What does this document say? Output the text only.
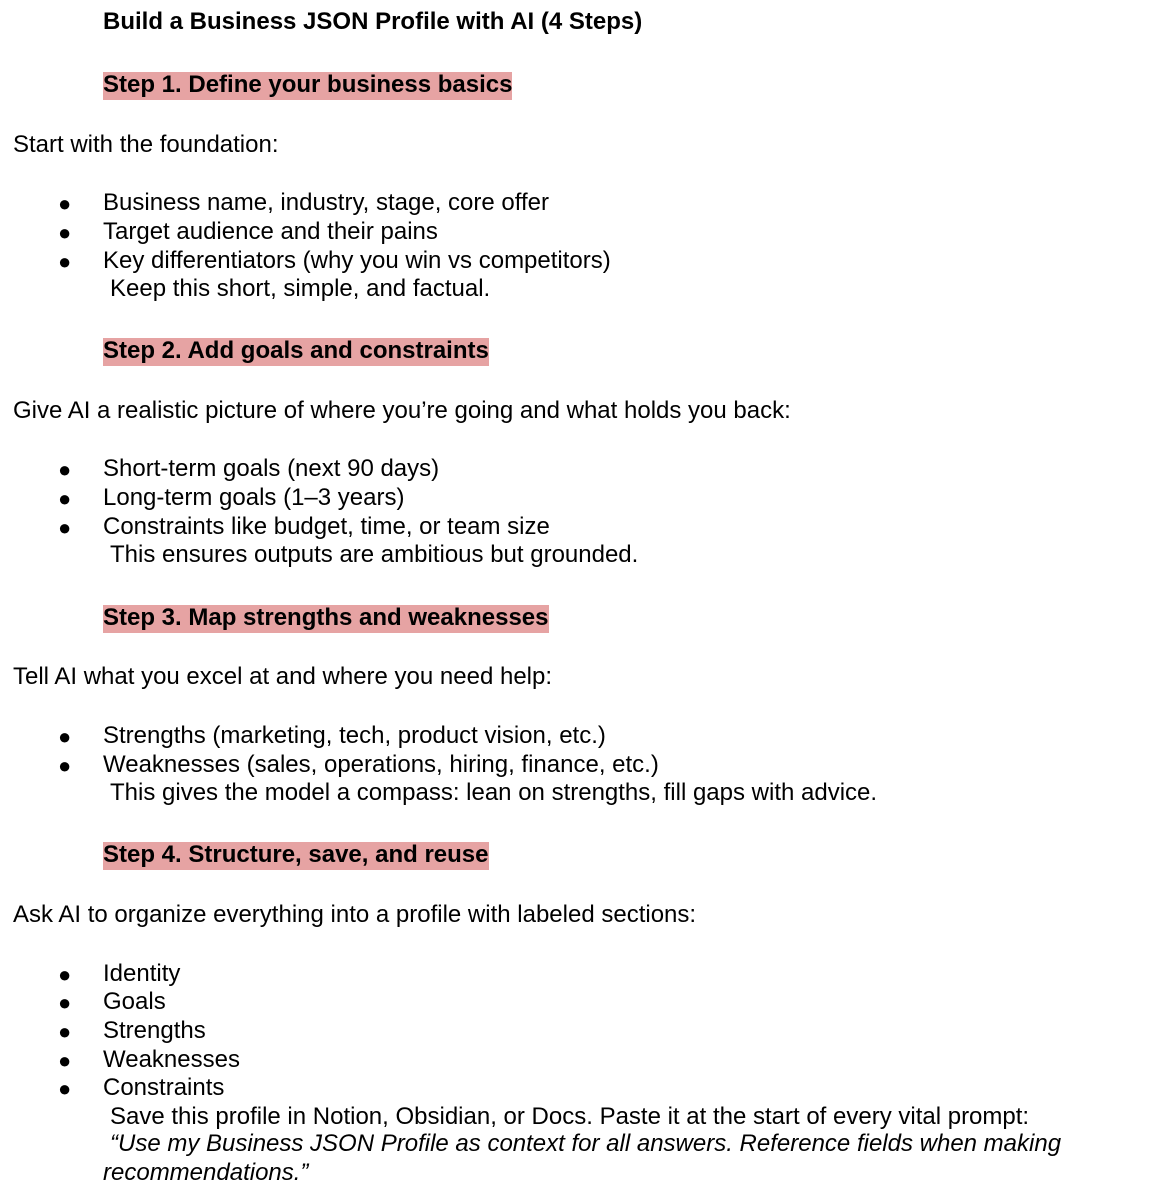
Build a Business JSON Profile with AI (4 Steps)
Step 1. Define your business basics
Start with the foundation:
● Business name, industry, stage, core offer
● Target audience and their pains
● Key differentiators (why you win vs competitors)
Keep this short, simple, and factual.
Step 2. Add goals and constraints
Give AI a realistic picture of where you’re going and what holds you back:
● Short-term goals (next 90 days)
● Long-term goals (1–3 years)
● Constraints like budget, time, or team size
This ensures outputs are ambitious but grounded.
Step 3. Map strengths and weaknesses
Tell AI what you excel at and where you need help:
● Strengths (marketing, tech, product vision, etc.)
● Weaknesses (sales, operations, hiring, finance, etc.)
This gives the model a compass: lean on strengths, fill gaps with advice.
Step 4. Structure, save, and reuse
Ask AI to organize everything into a profile with labeled sections:
● Identity
● Goals
● Strengths
● Weaknesses
● Constraints
Save this profile in Notion, Obsidian, or Docs. Paste it at the start of every vital prompt:
“Use my Business JSON Profile as context for all answers. Reference fields when making recommendations.”
